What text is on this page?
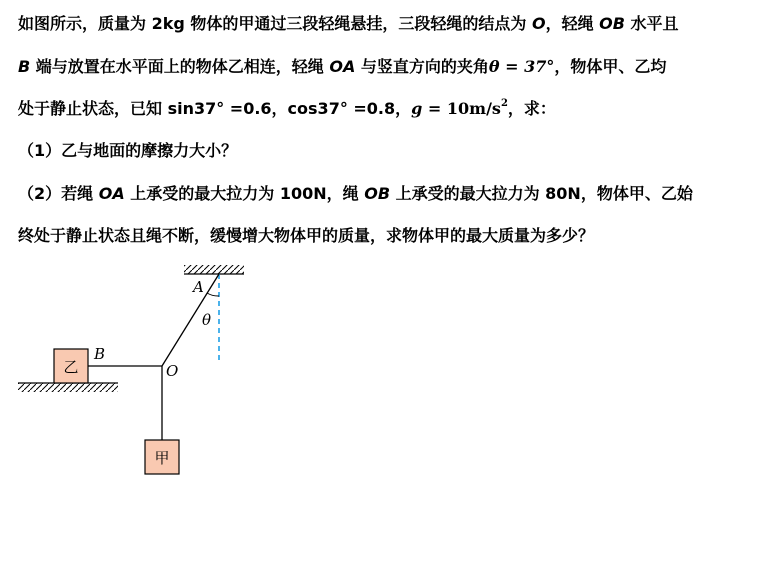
如图所示，质量为 2kg 物体的甲通过三段轻绳悬挂，三段轻绳的结点为 O，轻绳 OB 水平且
B 端与放置在水平面上的物体乙相连，轻绳 OA 与竖直方向的夹角θ = 37°，物体甲、乙均
处于静止状态，已知 sin37° =0.6，cos37° =0.8，$g = 10m/s^2$，求：
（1）乙与地面的摩擦力大小？
（2）若绳 OA 上承受的最大拉力为 100N，绳 OB 上承受的最大拉力为 80N，物体甲、乙始
终处于静止状态且绳不断，缓慢增大物体甲的质量，求物体甲的最大质量为多少？
乙
甲
A
θ
B
O
